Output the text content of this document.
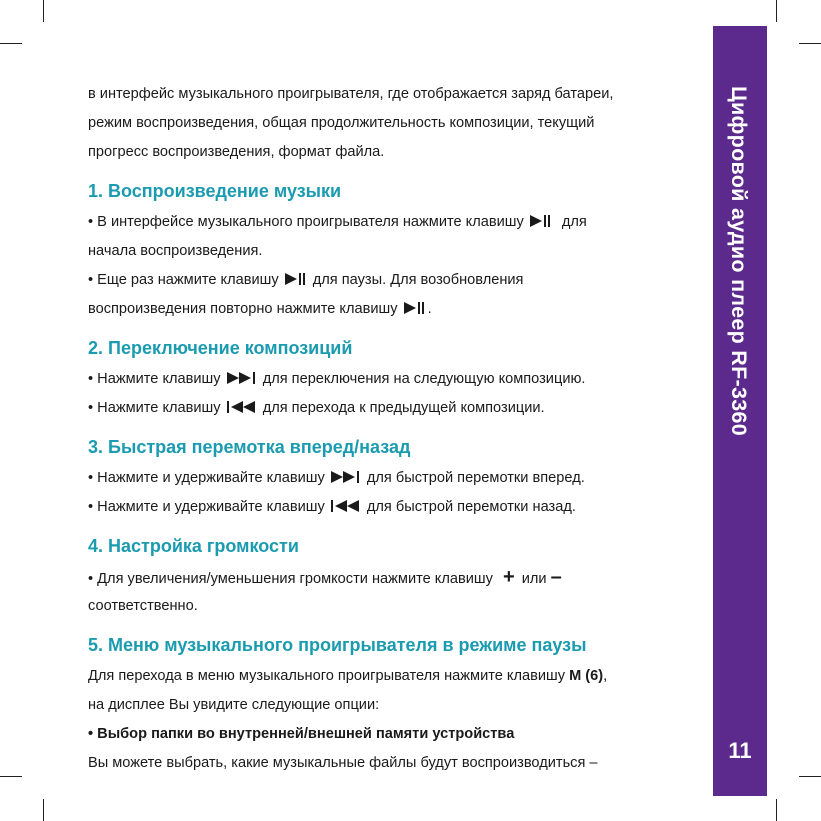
Цифровой аудио плеер RF-3360
11
в интерфейс музыкального проигрывателя, где отображается заряд батареи,
режим воспроизведения, общая продолжительность композиции, текущий
прогресс воспроизведения, формат файла.
1. Воспроизведение музыки
• В интерфейсе музыкального проигрывателя нажмите клавишу	для
начала воспроизведения.
• Еще раз нажмите клавишу для паузы. Для возобновления
воспроизведения повторно нажмите клавишу .
2. Переключение композиций
• Нажмите клавишу	для переключения на следующую композицию.
• Нажмите клавишу	для перехода к предыдущей композиции.
3. Быстрая перемотка вперед/назад
• Нажмите и удерживайте клавишу	для быстрой перемотки вперед.
• Нажмите и удерживайте клавишу	для быстрой перемотки назад.
4. Настройка громкости
• Для увеличения/уменьшения громкости нажмите клавишу + или –
соответственно.
5. Меню музыкального проигрывателя в режиме паузы
Для перехода в меню музыкального проигрывателя нажмите клавишу M (6),
на дисплее Вы увидите следующие опции:
• Выбор папки во внутренней/внешней памяти устройства
Вы можете выбрать, какие музыкальные файлы будут воспроизводиться –
